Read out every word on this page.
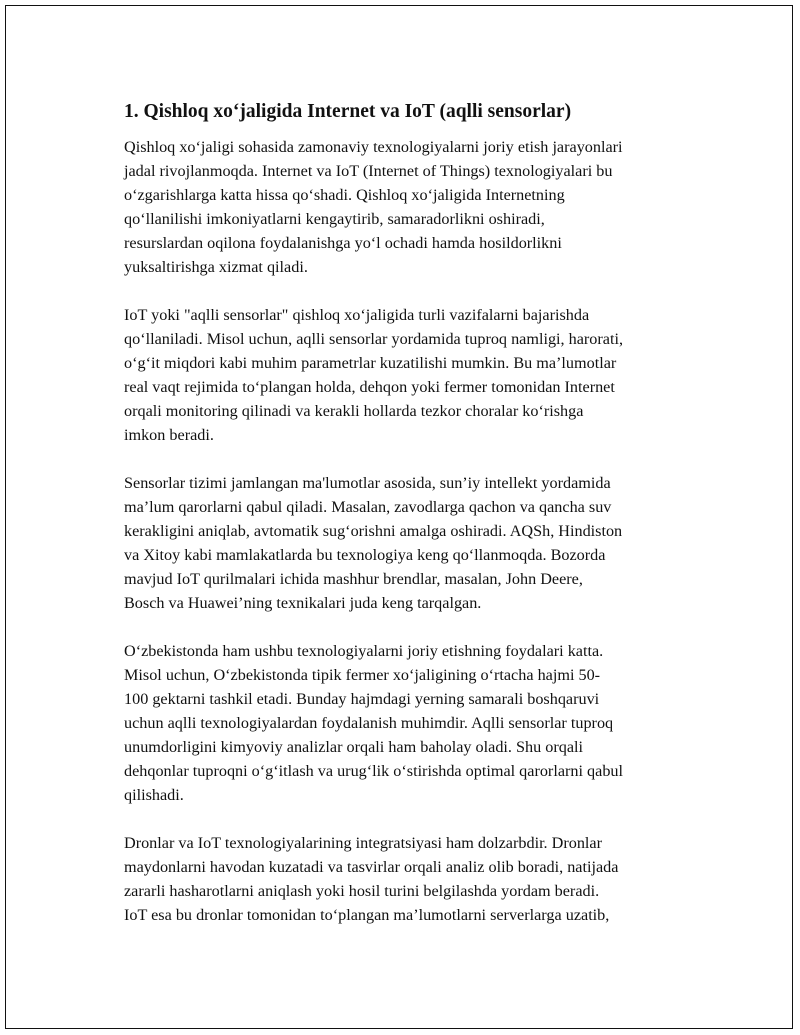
1. Qishloq xo‘jaligida Internet va IoT (aqlli sensorlar)

Qishloq xo‘jaligi sohasida zamonaviy texnologiyalarni joriy etish jarayonlari
jadal rivojlanmoqda. Internet va IoT (Internet of Things) texnologiyalari bu
o‘zgarishlarga katta hissa qo‘shadi. Qishloq xo‘jaligida Internetning
qo‘llanilishi imkoniyatlarni kengaytirib, samaradorlikni oshiradi,
resurslardan oqilona foydalanishga yo‘l ochadi hamda hosildorlikni
yuksaltirishga xizmat qiladi.

IoT yoki "aqlli sensorlar" qishloq xo‘jaligida turli vazifalarni bajarishda
qo‘llaniladi. Misol uchun, aqlli sensorlar yordamida tuproq namligi, harorati,
o‘g‘it miqdori kabi muhim parametrlar kuzatilishi mumkin. Bu ma’lumotlar
real vaqt rejimida to‘plangan holda, dehqon yoki fermer tomonidan Internet
orqali monitoring qilinadi va kerakli hollarda tezkor choralar ko‘rishga
imkon beradi.

Sensorlar tizimi jamlangan ma'lumotlar asosida, sun’iy intellekt yordamida
ma’lum qarorlarni qabul qiladi. Masalan, zavodlarga qachon va qancha suv
kerakligini aniqlab, avtomatik sug‘orishni amalga oshiradi. AQSh, Hindiston
va Xitoy kabi mamlakatlarda bu texnologiya keng qo‘llanmoqda. Bozorda
mavjud IoT qurilmalari ichida mashhur brendlar, masalan, John Deere,
Bosch va Huawei’ning texnikalari juda keng tarqalgan.

O‘zbekistonda ham ushbu texnologiyalarni joriy etishning foydalari katta.
Misol uchun, O‘zbekistonda tipik fermer xo‘jaligining o‘rtacha hajmi 50-
100 gektarni tashkil etadi. Bunday hajmdagi yerning samarali boshqaruvi
uchun aqlli texnologiyalardan foydalanish muhimdir. Aqlli sensorlar tuproq
unumdorligini kimyoviy analizlar orqali ham baholay oladi. Shu orqali
dehqonlar tuproqni o‘g‘itlash va urug‘lik o‘stirishda optimal qarorlarni qabul
qilishadi.

Dronlar va IoT texnologiyalarining integratsiyasi ham dolzarbdir. Dronlar
maydonlarni havodan kuzatadi va tasvirlar orqali analiz olib boradi, natijada
zararli hasharotlarni aniqlash yoki hosil turini belgilashda yordam beradi.
IoT esa bu dronlar tomonidan to‘plangan ma’lumotlarni serverlarga uzatib,
